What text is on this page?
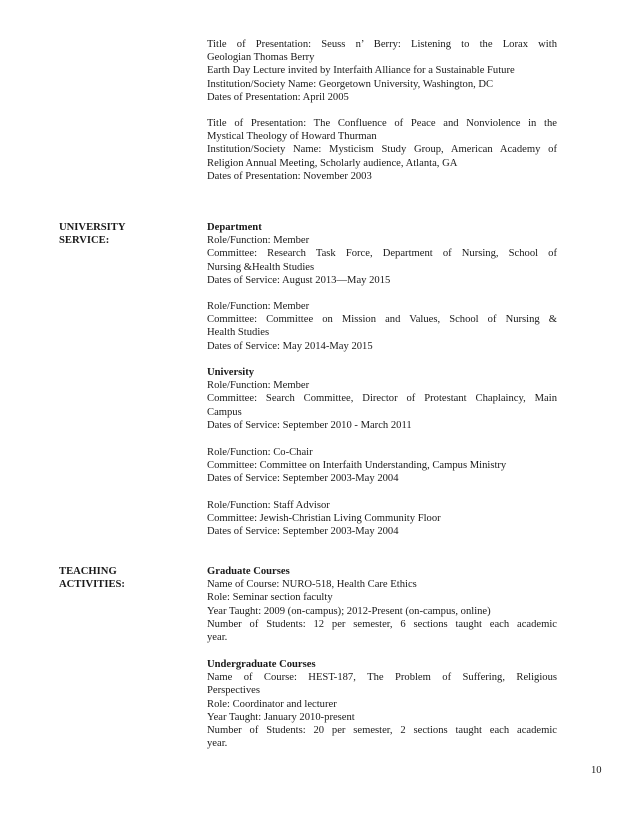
Title of Presentation: Seuss n’ Berry: Listening to the Lorax with
Geologian Thomas Berry
Earth Day Lecture invited by Interfaith Alliance for a Sustainable Future
Institution/Society Name: Georgetown University, Washington, DC
Dates of Presentation: April 2005
Title of Presentation: The Confluence of Peace and Nonviolence in the
Mystical Theology of Howard Thurman
Institution/Society Name: Mysticism Study Group, American Academy of
Religion Annual Meeting, Scholarly audience, Atlanta, GA
Dates of Presentation: November 2003
UNIVERSITY
SERVICE:
Department
Role/Function: Member
Committee: Research Task Force, Department of Nursing, School of
Nursing &Health Studies
Dates of Service: August 2013—May 2015
Role/Function: Member
Committee: Committee on Mission and Values, School of Nursing &
Health Studies
Dates of Service: May 2014-May 2015
University
Role/Function: Member
Committee: Search Committee, Director of Protestant Chaplaincy, Main
Campus
Dates of Service: September 2010 - March 2011
Role/Function: Co-Chair
Committee: Committee on Interfaith Understanding, Campus Ministry
Dates of Service: September 2003-May 2004
Role/Function: Staff Advisor
Committee: Jewish-Christian Living Community Floor
Dates of Service: September 2003-May 2004
TEACHING
ACTIVITIES:
Graduate Courses
Name of Course: NURO-518, Health Care Ethics
Role: Seminar section faculty
Year Taught: 2009 (on-campus); 2012-Present (on-campus, online)
Number of Students: 12 per semester, 6 sections taught each academic
year.
Undergraduate Courses
Name of Course: HEST-187, The Problem of Suffering, Religious
Perspectives
Role: Coordinator and lecturer
Year Taught: January 2010-present
Number of Students: 20 per semester, 2 sections taught each academic
year.
10
